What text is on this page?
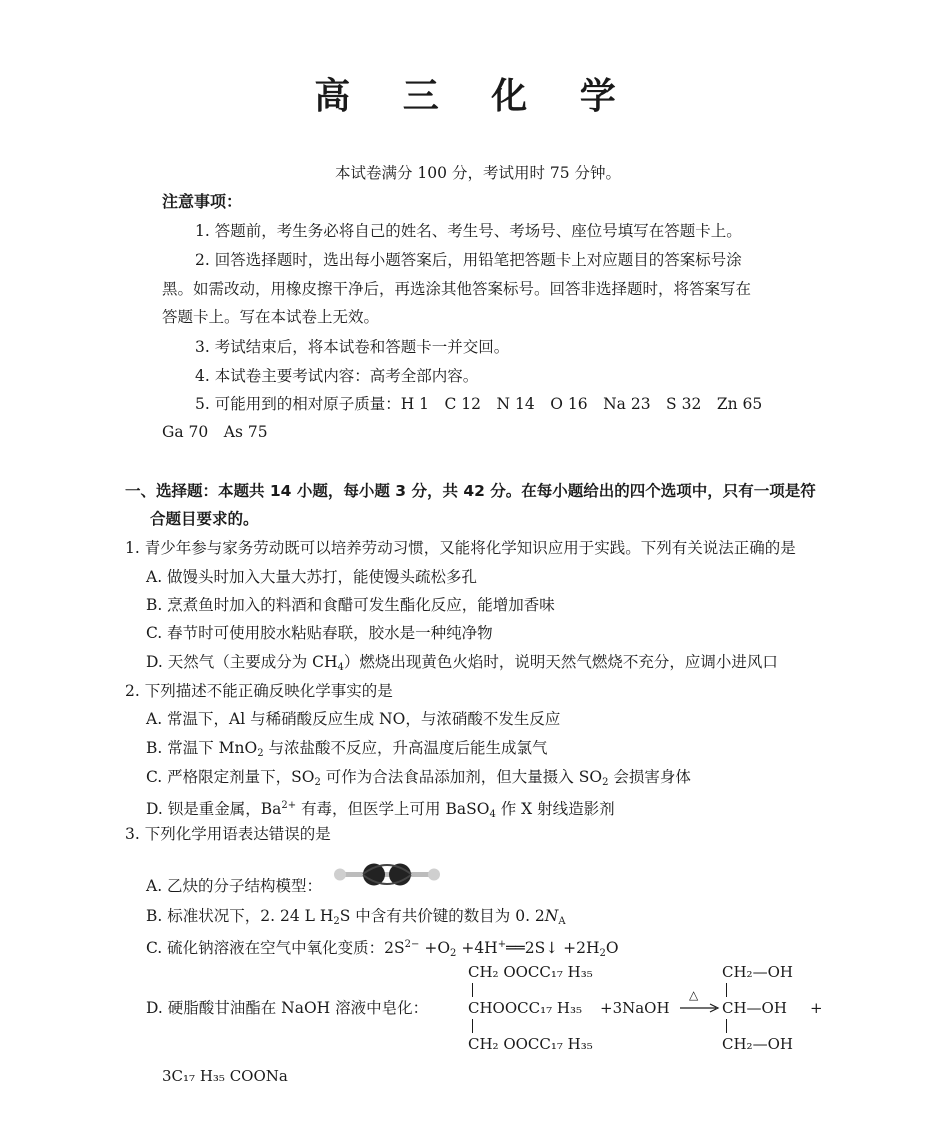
高 三 化 学
本试卷满分 100 分，考试用时 75 分钟。
注意事项：
1. 答题前，考生务必将自己的姓名、考生号、考场号、座位号填写在答题卡上。
2. 回答选择题时，选出每小题答案后，用铅笔把答题卡上对应题目的答案标号涂
黑。如需改动，用橡皮擦干净后，再选涂其他答案标号。回答非选择题时，将答案写在
答题卡上。写在本试卷上无效。
3. 考试结束后，将本试卷和答题卡一并交回。
4. 本试卷主要考试内容：高考全部内容。
5. 可能用到的相对原子质量：H 1　C 12　N 14　O 16　Na 23　S 32　Zn 65
Ga 70　As 75
一、选择题：本题共 14 小题，每小题 3 分，共 42 分。在每小题给出的四个选项中，只有一项是符
合题目要求的。
1. 青少年参与家务劳动既可以培养劳动习惯，又能将化学知识应用于实践。下列有关说法正确的是
A. 做馒头时加入大量大苏打，能使馒头疏松多孔
B. 烹煮鱼时加入的料酒和食醋可发生酯化反应，能增加香味
C. 春节时可使用胶水粘贴春联，胶水是一种纯净物
D. 天然气（主要成分为 $CH_4$）燃烧出现黄色火焰时，说明天然气燃烧不充分，应调小进风口
2. 下列描述不能正确反映化学事实的是
A. 常温下，Al 与稀硝酸反应生成 NO，与浓硝酸不发生反应
B. 常温下 MnO$_2$ 与浓盐酸不反应，升高温度后能生成氯气
C. 严格限定剂量下，$SO_2$ 可作为合法食品添加剂，但大量摄入 $SO_2$ 会损害身体
D. 钡是重金属，$Ba^{2+}$ 有毒，但医学上可用 BaSO$_4$ 作 X 射线造影剂
3. 下列化学用语表达错误的是
A. 乙炔的分子结构模型：
B. 标准状况下，2. 24 L $H_2S$ 中含有共价键的数目为 0. $2N_A$
C. 硫化钠溶液在空气中氧化变质：$2S^{2-} +O_2$ +4H+══2S↓ $+2H_2O$
D. 硬脂酸甘油酯在 NaOH 溶液中皂化：
CH₂ OOCC₁₇ H₃₅
CHOOCC₁₇ H₃₅
CH₂ OOCC₁₇ H₃₅
+3NaOH
△
CH₂—OH
CH—OH
CH₂—OH
+
3C₁₇ H₃₅ COONa
